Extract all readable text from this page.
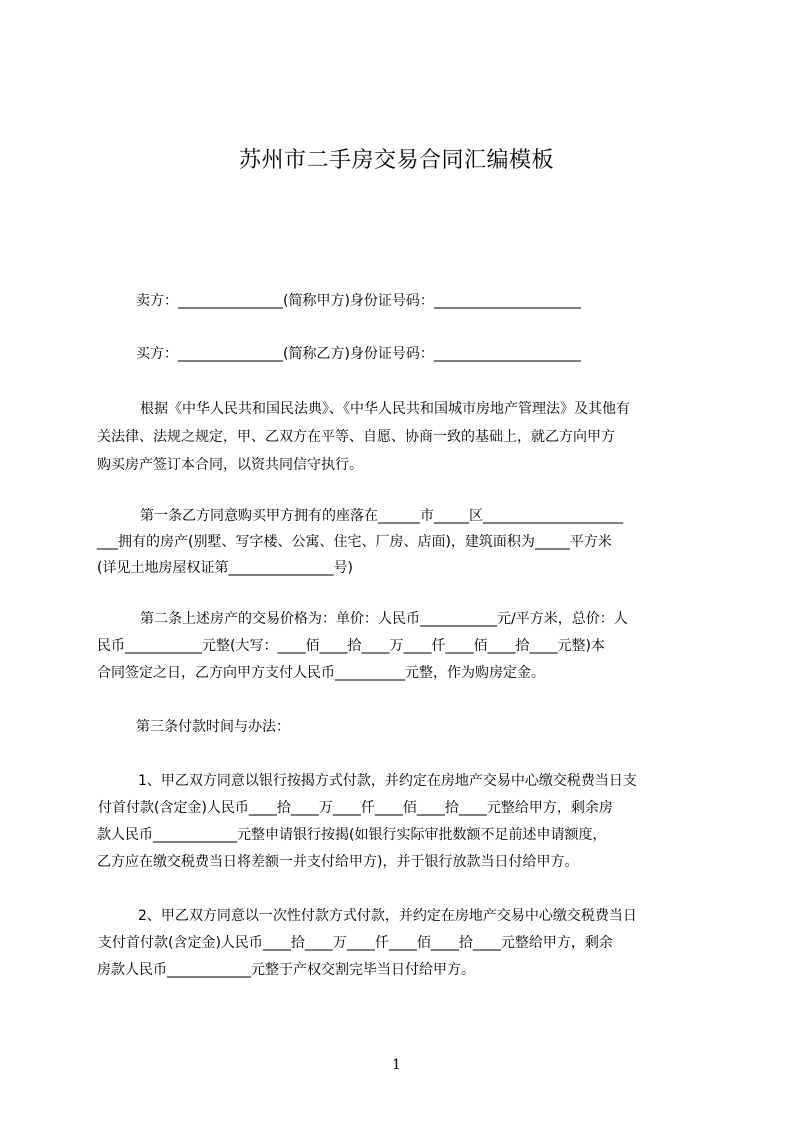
苏州市二手房交易合同汇编模板
卖方：_______________(简称甲方)身份证号码：_____________________
买方：_______________(简称乙方)身份证号码：_____________________
根据《中华人民共和国民法典》、《中华人民共和国城市房地产管理法》及其他有
关法律、法规之规定，甲、乙双方在平等、自愿、协商一致的基础上，就乙方向甲方
购买房产签订本合同，以资共同信守执行。
第一条乙方同意购买甲方拥有的座落在______市_____区____________________
___拥有的房产(别墅、写字楼、公寓、住宅、厂房、店面)，建筑面积为_____平方米
(详见土地房屋权证第_______________号)
第二条上述房产的交易价格为：单价：人民币___________元/平方米，总价：人
民币___________元整(大写：____佰____拾____万____仟____佰____拾____元整)本
合同签定之日，乙方向甲方支付人民币__________元整，作为购房定金。
第三条付款时间与办法：
1、甲乙双方同意以银行按揭方式付款，并约定在房地产交易中心缴交税费当日支
付首付款(含定金)人民币____拾____万____仟____佰____拾____元整给甲方，剩余房
款人民币____________元整申请银行按揭(如银行实际审批数额不足前述申请额度，
乙方应在缴交税费当日将差额一并支付给甲方)，并于银行放款当日付给甲方。
2、甲乙双方同意以一次性付款方式付款，并约定在房地产交易中心缴交税费当日
支付首付款(含定金)人民币____拾____万____仟____佰____拾____元整给甲方，剩余
房款人民币____________元整于产权交割完毕当日付给甲方。
1
